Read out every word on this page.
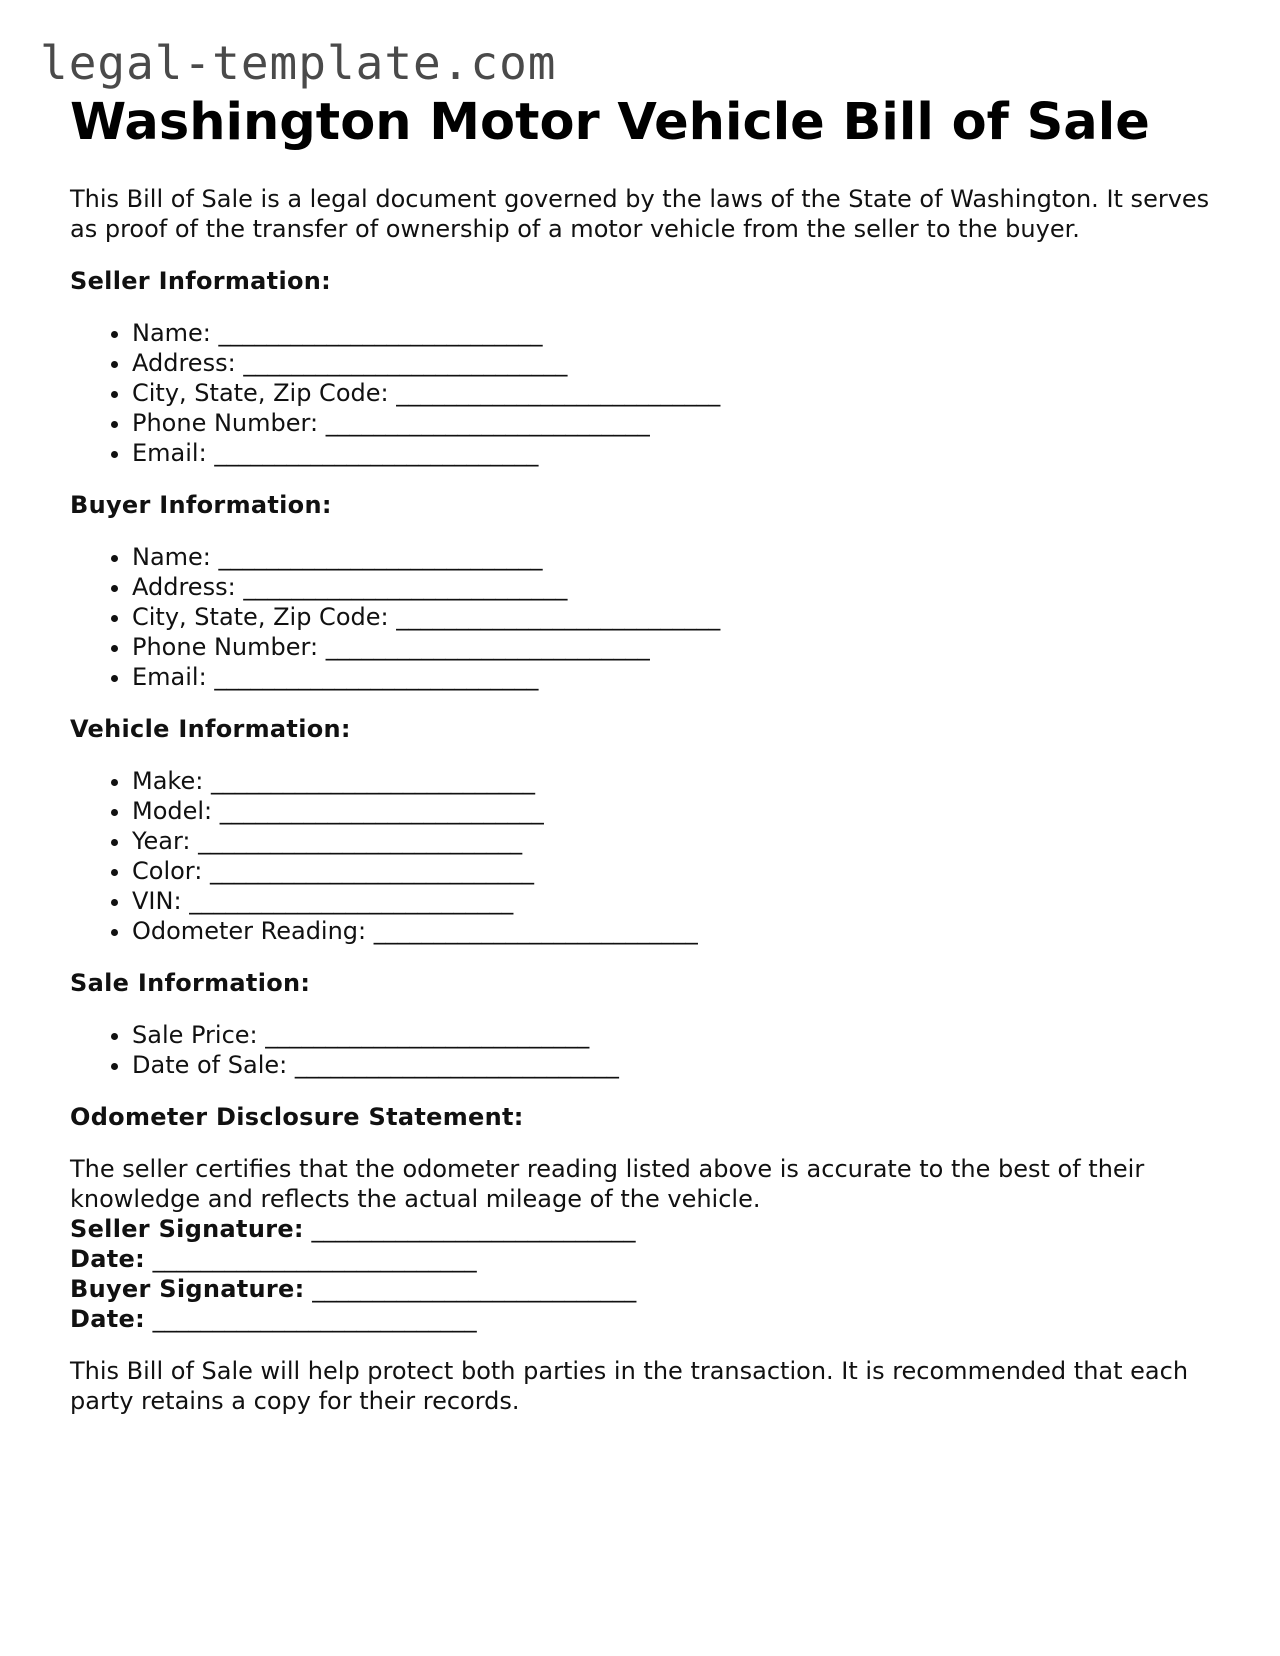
legal-template.com
Washington Motor Vehicle Bill of Sale

This Bill of Sale is a legal document governed by the laws of the State of Washington. It serves as proof of the transfer of ownership of a motor vehicle from the seller to the buyer.

Seller Information:
• Name: ___________________________
• Address: ___________________________
• City, State, Zip Code: ___________________________
• Phone Number: ___________________________
• Email: ___________________________
Buyer Information:
• Name: ___________________________
• Address: ___________________________
• City, State, Zip Code: ___________________________
• Phone Number: ___________________________
• Email: ___________________________
Vehicle Information:
• Make: ___________________________
• Model: ___________________________
• Year: ___________________________
• Color: ___________________________
• VIN: ___________________________
• Odometer Reading: ___________________________
Sale Information:
• Sale Price: ___________________________
• Date of Sale: ___________________________
Odometer Disclosure Statement:

The seller certifies that the odometer reading listed above is accurate to the best of their knowledge and reflects the actual mileage of the vehicle.

Seller Signature: ___________________________

Date: ___________________________

Buyer Signature: ___________________________

Date: ___________________________

This Bill of Sale will help protect both parties in the transaction. It is recommended that each party retains a copy for their records.
